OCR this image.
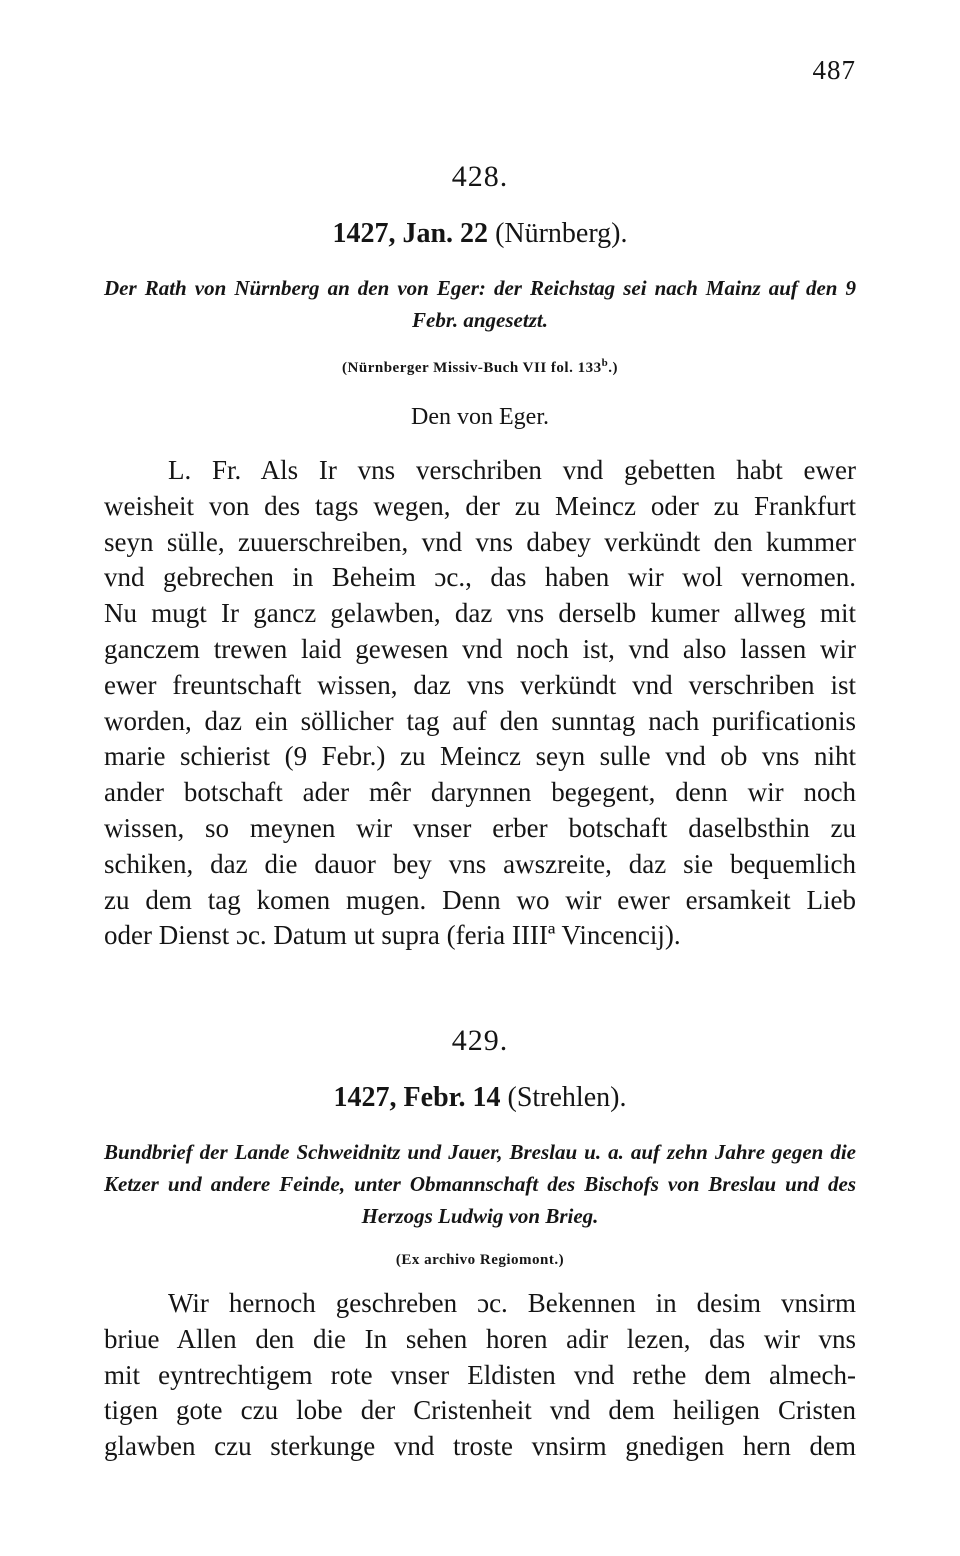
487
428.
1427, Jan. 22 (Nürnberg).
Der Rath von Nürnberg an den von Eger: der Reichstag sei nach Mainz auf den 9 Febr. angesetzt.
(Nürnberger Missiv-Buch VII fol. 133$^b$.)
Den von Eger.
L. Fr. Als Ir vns verschriben vnd gebetten habt ewer
weisheit von des tags wegen, der zu Meincz oder zu Frankfurt
seyn sülle, zuuerschreiben, vnd vns dabey verkündt den kummer
vnd gebrechen in Beheim ɔc., das haben wir wol vernomen.
Nu mugt Ir gancz gelawben, daz vns derselb kumer allweg mit
ganczem trewen laid gewesen vnd noch ist, vnd also lassen wir
ewer freuntschaft wissen, daz vns verkündt vnd verschriben ist
worden, daz ein söllicher tag auf den sunntag nach purificationis
marie schierist (9 Febr.) zu Meincz seyn sulle vnd ob vns niht
ander botschaft ader mêr darynnen begegent, denn wir noch
wissen, so meynen wir vnser erber botschaft daselbsthin zu
schiken, daz die dauor bey vns awszreite, daz sie bequemlich
zu dem tag komen mugen. Denn wo wir ewer ersamkeit Lieb
oder Dienst ɔc. Datum ut supra (feria IIIIª Vincencij).
429.
1427, Febr. 14 (Strehlen).
Bundbrief der Lande Schweidnitz und Jauer, Breslau u. a. auf zehn Jahre gegen die Ketzer und andere Feinde, unter Obmannschaft des Bischofs von Breslau und des Herzogs Ludwig von Brieg.
(Ex archivo Regiomont.)
Wir hernoch geschreben ɔc. Bekennen in desim vnsirm
briue Allen den die In sehen horen adir lezen, das wir vns
mit eyntrechtigem rote vnser Eldisten vnd rethe dem almech-
tigen gote czu lobe der Cristenheit vnd dem heiligen Cristen
glawben czu sterkunge vnd troste vnsirm gnedigen hern dem
